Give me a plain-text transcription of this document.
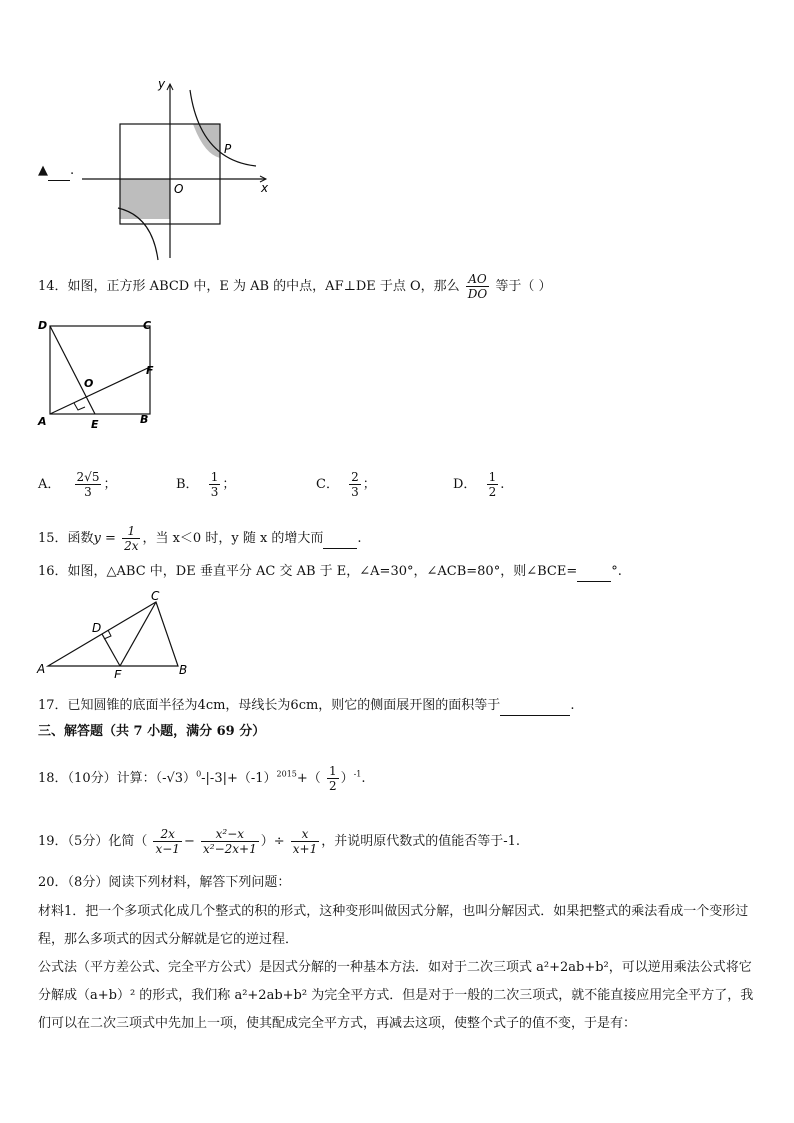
▲ .
y
x
O
P
14．如图，正方形 ABCD 中，E 为 AB 的中点，AF⊥DE 于点 O，那么 $\frac{AO}{DO}$ 等于（ ）
D	C
O
F
A	E	B
A． $\frac{2√5}{3}$ ；	B． $\frac{1}{3}$ ；	C． $\frac{2}{3}$ ；	D． $\frac{1}{2}$ .
15．函数$y = \frac{1}{2x}$ ，当 x＜0 时，y 随 x 的增大而	.
16．如图，△ABC 中，DE 垂直平分 AC 交 AB 于 E，∠A=30°，∠ACB=80°，则∠BCE=	°.
A	B
C
D
E
17．已知圆锥的底面半径为4cm，母线长为6cm，则它的侧面展开图的面积等于	.
三、解答题（共 7 小题，满分 69 分）
18．（10分）计算：$(-√3)^0-|-3|+(-1)^{2015}+( \frac{1}{2} )^{-1}$.
19．（5分）化简（ $\frac{2x}{x-1} - \frac{\text{x²−x}}{\text{x²−2x+1}}$ ）÷ $\frac{x}{x+1}$ ，并说明原代数式的值能否等于-1.
20．（8分）阅读下列材料，解答下列问题：
材料1．把一个多项式化成几个整式的积的形式，这种变形叫做因式分解，也叫分解因式．如果把整式的乘法看成一个变形过程，那么多项式的因式分解就是它的逆过程．
公式法（平方差公式、完全平方公式）是因式分解的一种基本方法．如对于二次三项式 a²+2ab+b²，可以逆用乘法公式将它分解成（a+b）² 的形式，我们称 a²+2ab+b² 为完全平方式．但是对于一般的二次三项式，就不能直接应用完全平方了，我们可以在二次三项式中先加上一项，使其配成完全平方式，再减去这项，使整个式子的值不变，于是有：
